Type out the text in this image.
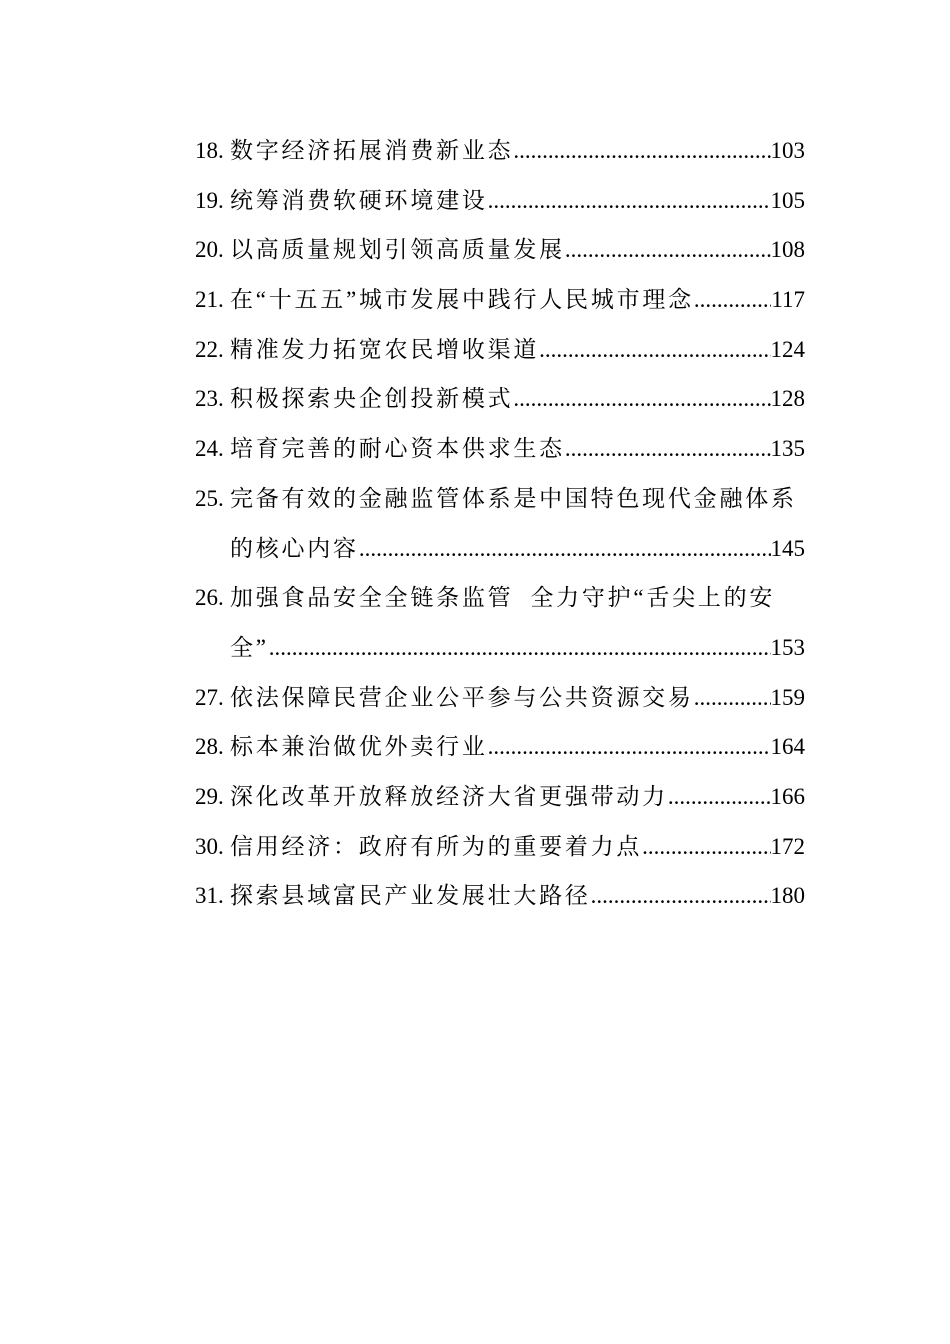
18. 数字经济拓展消费新业态 .....	103
19. 统筹消费软硬环境建设 .....	105
20. 以高质量规划引领高质量发展 .....	108
21. 在“十五五”城市发展中践行人民城市理念 .....	117
22. 精准发力拓宽农民增收渠道 .....	124
23. 积极探索央企创投新模式 .....	128
24. 培育完善的耐心资本供求生态 .....	135
25. 完备有效的金融监管体系是中国特色现代金融体系
的核心内容 .....	145
26. 加强食品安全全链条监管  全力守护“舌尖上的安
全” .....	153
27. 依法保障民营企业公平参与公共资源交易 .....	159
28. 标本兼治做优外卖行业 .....	164
29. 深化改革开放释放经济大省更强带动力 .....	166
30. 信用经济：政府有所为的重要着力点 .....	172
31. 探索县域富民产业发展壮大路径 .....	180
